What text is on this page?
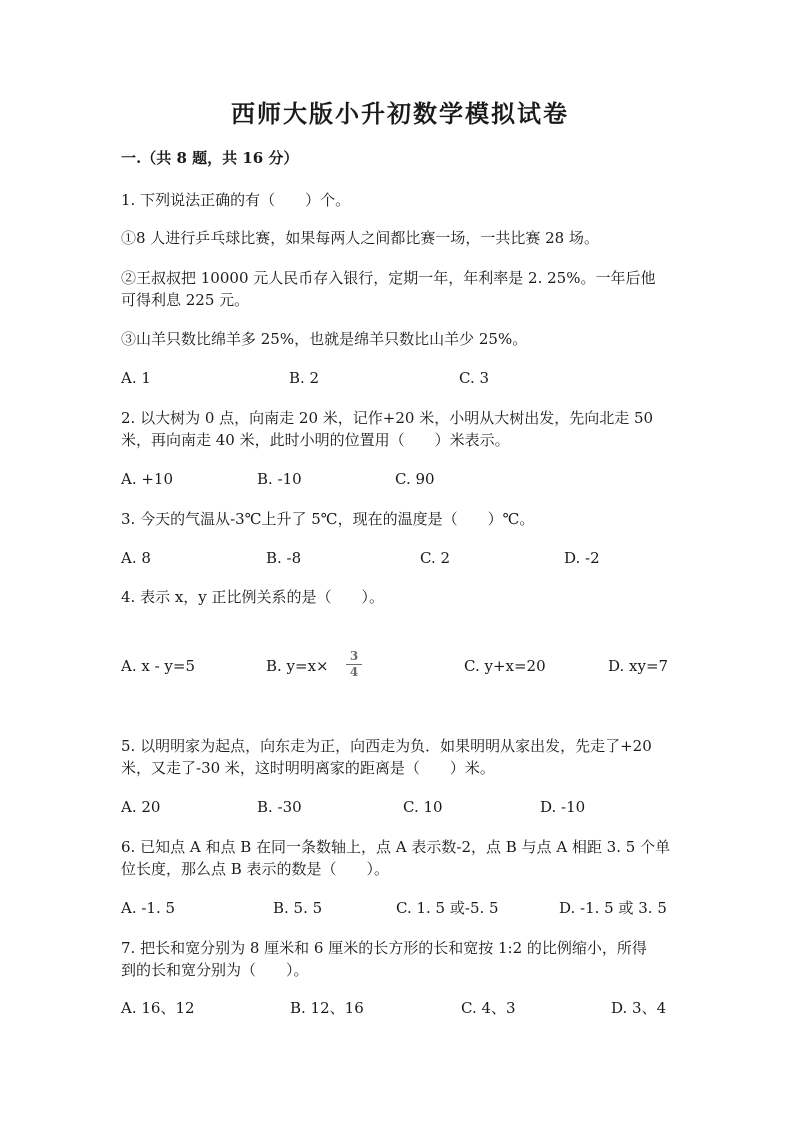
西师大版小升初数学模拟试卷
一.（共 8 题，共 16 分）
1. 下列说法正确的有（　　）个。
①8 人进行乒乓球比赛，如果每两人之间都比赛一场，一共比赛 28 场。
②王叔叔把 10000 元人民币存入银行，定期一年，年利率是 2. 25%。一年后他
可得利息 225 元。
③山羊只数比绵羊多 25%，也就是绵羊只数比山羊少 25%。
A. 1	B. 2	C. 3
2. 以大树为 0 点，向南走 20 米，记作+20 米，小明从大树出发，先向北走 50
米，再向南走 40 米，此时小明的位置用（　　）米表示。
A. +10	B. -10	C. 90
3. 今天的气温从-3℃上升了 5℃，现在的温度是（　　）℃。
A. 8	B. -8	C. 2	D. -2
4. 表示 x，y 正比例关系的是（　　）。
A. x - y=5	B. y=x×
3
4	C. y+x=20	D. xy=7
5. 以明明家为起点，向东走为正，向西走为负．如果明明从家出发，先走了+20
米，又走了-30 米，这时明明离家的距离是（　　）米。
A. 20	B. -30	C. 10	D. -10
6. 已知点 A 和点 B 在同一条数轴上，点 A 表示数-2，点 B 与点 A 相距 3. 5 个单
位长度，那么点 B 表示的数是（　　）。
A. -1. 5	B. 5. 5	C. 1. 5 或-5. 5	D. -1. 5 或 3. 5
7. 把长和宽分别为 8 厘米和 6 厘米的长方形的长和宽按 1:2 的比例缩小，所得
到的长和宽分别为（　　）。
A. 16、12	B. 12、16	C. 4、3	D. 3、4
